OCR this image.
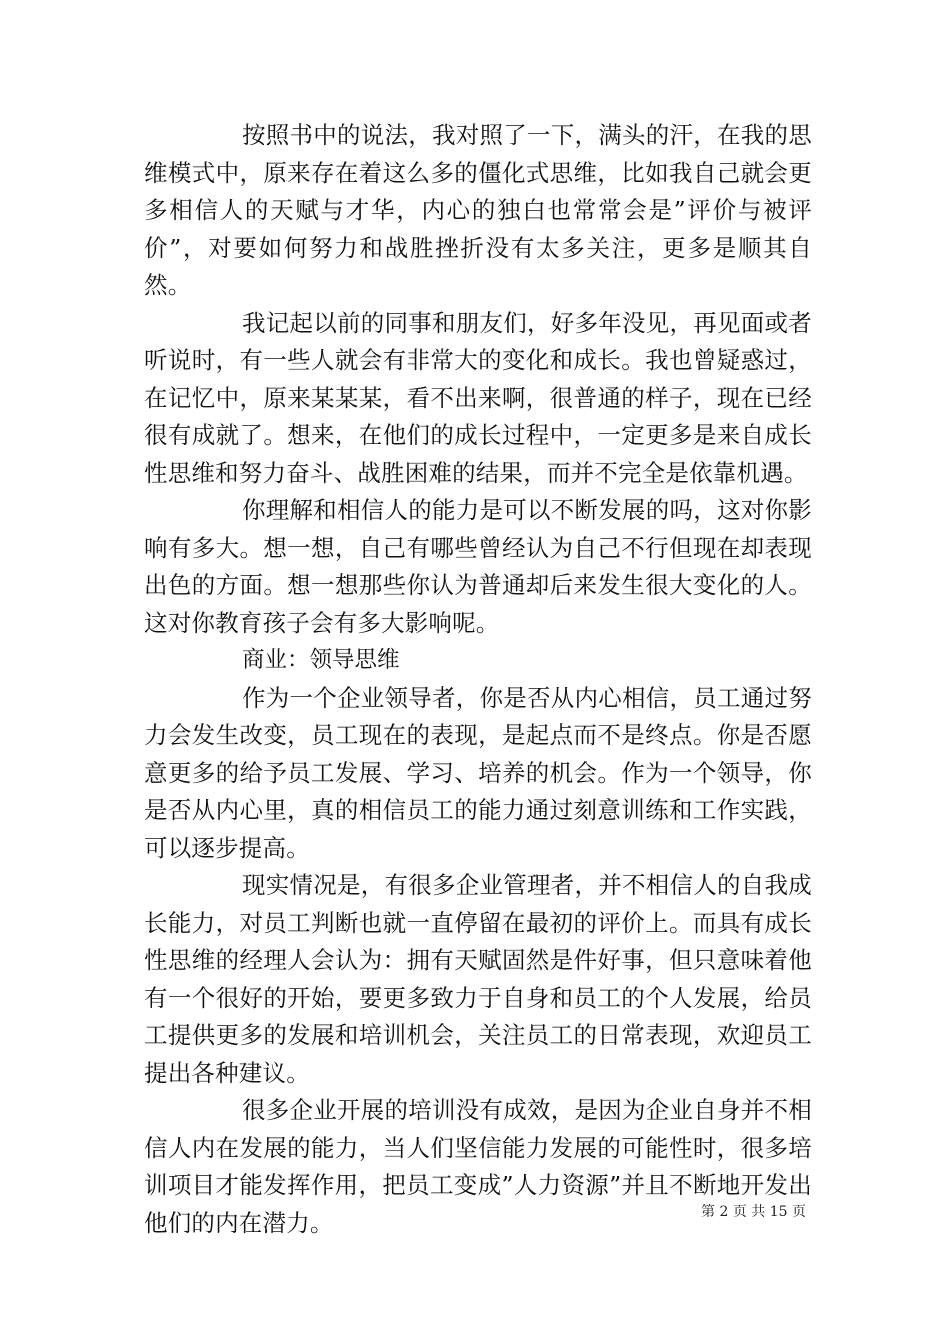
按照书中的说法，我对照了一下，满头的汗，在我的思维模式中，原来存在着这么多的僵化式思维，比如我自己就会更多相信人的天赋与才华，内心的独白也常常会是”评价与被评价”，对要如何努力和战胜挫折没有太多关注，更多是顺其自然。

我记起以前的同事和朋友们，好多年没见，再见面或者听说时，有一些人就会有非常大的变化和成长。我也曾疑惑过，在记忆中，原来某某某，看不出来啊，很普通的样子，现在已经很有成就了。想来，在他们的成长过程中，一定更多是来自成长性思维和努力奋斗、战胜困难的结果，而并不完全是依靠机遇。

你理解和相信人的能力是可以不断发展的吗，这对你影响有多大。想一想，自己有哪些曾经认为自己不行但现在却表现出色的方面。想一想那些你认为普通却后来发生很大变化的人。这对你教育孩子会有多大影响呢。

商业：领导思维

作为一个企业领导者，你是否从内心相信，员工通过努力会发生改变，员工现在的表现，是起点而不是终点。你是否愿意更多的给予员工发展、学习、培养的机会。作为一个领导，你是否从内心里，真的相信员工的能力通过刻意训练和工作实践，可以逐步提高。

现实情况是，有很多企业管理者，并不相信人的自我成长能力，对员工判断也就一直停留在最初的评价上。而具有成长性思维的经理人会认为：拥有天赋固然是件好事，但只意味着他有一个很好的开始，要更多致力于自身和员工的个人发展，给员工提供更多的发展和培训机会，关注员工的日常表现，欢迎员工提出各种建议。

很多企业开展的培训没有成效，是因为企业自身并不相信人内在发展的能力，当人们坚信能力发展的可能性时，很多培训项目才能发挥作用，把员工变成”人力资源”并且不断地开发出他们的内在潜力。	第 2 页 共 15 页
